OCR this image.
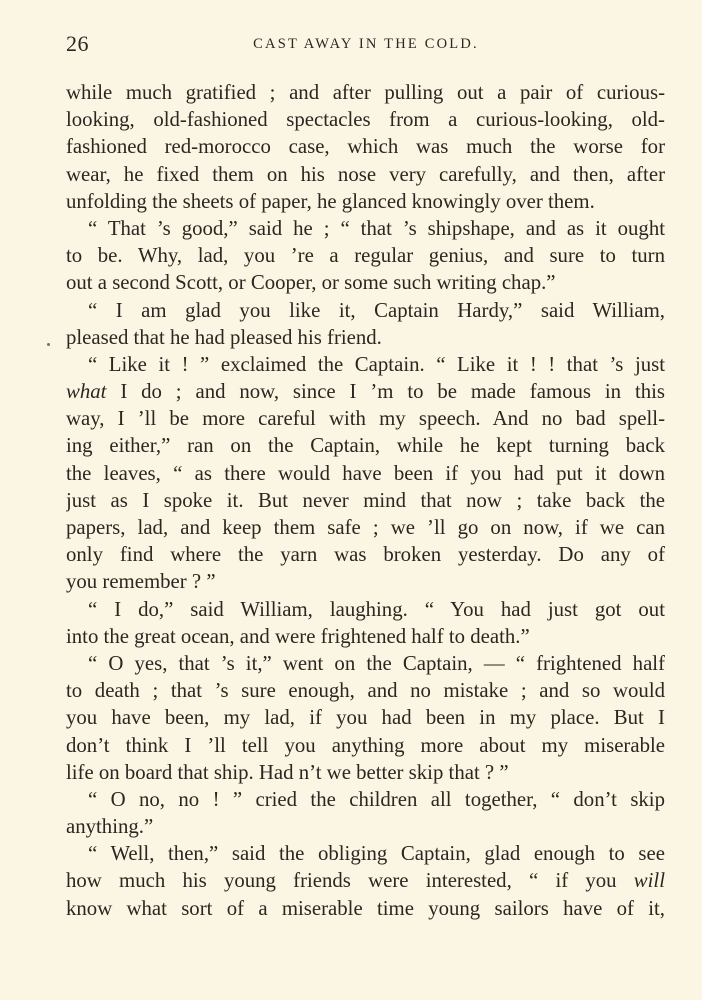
26	CAST AWAY IN THE COLD.
while much gratified ; and after pulling out a pair of curious-
looking, old-fashioned spectacles from a curious-looking, old-
fashioned red-morocco case, which was much the worse for
wear, he fixed them on his nose very carefully, and then, after
unfolding the sheets of paper, he glanced knowingly over them.
“ That ’s good,” said he ; “ that ’s shipshape, and as it ought
to be. Why, lad, you ’re a regular genius, and sure to turn
out a second Scott, or Cooper, or some such writing chap.”
“ I am glad you like it, Captain Hardy,” said William,
pleased that he had pleased his friend.
“ Like it ! ” exclaimed the Captain. “ Like it ! ! that ’s just
what I do ; and now, since I ’m to be made famous in this
way, I ’ll be more careful with my speech. And no bad spell-
ing either,” ran on the Captain, while he kept turning back
the leaves, “ as there would have been if you had put it down
just as I spoke it. But never mind that now ; take back the
papers, lad, and keep them safe ; we ’ll go on now, if we can
only find where the yarn was broken yesterday. Do any of
you remember ? ”
“ I do,” said William, laughing. “ You had just got out
into the great ocean, and were frightened half to death.”
“ O yes, that ’s it,” went on the Captain, — “ frightened half
to death ; that ’s sure enough, and no mistake ; and so would
you have been, my lad, if you had been in my place. But I
don’t think I ’ll tell you anything more about my miserable
life on board that ship. Had n’t we better skip that ? ”
“ O no, no ! ” cried the children all together, “ don’t skip
anything.”
“ Well, then,” said the obliging Captain, glad enough to see
how much his young friends were interested, “ if you will
know what sort of a miserable time young sailors have of it,
